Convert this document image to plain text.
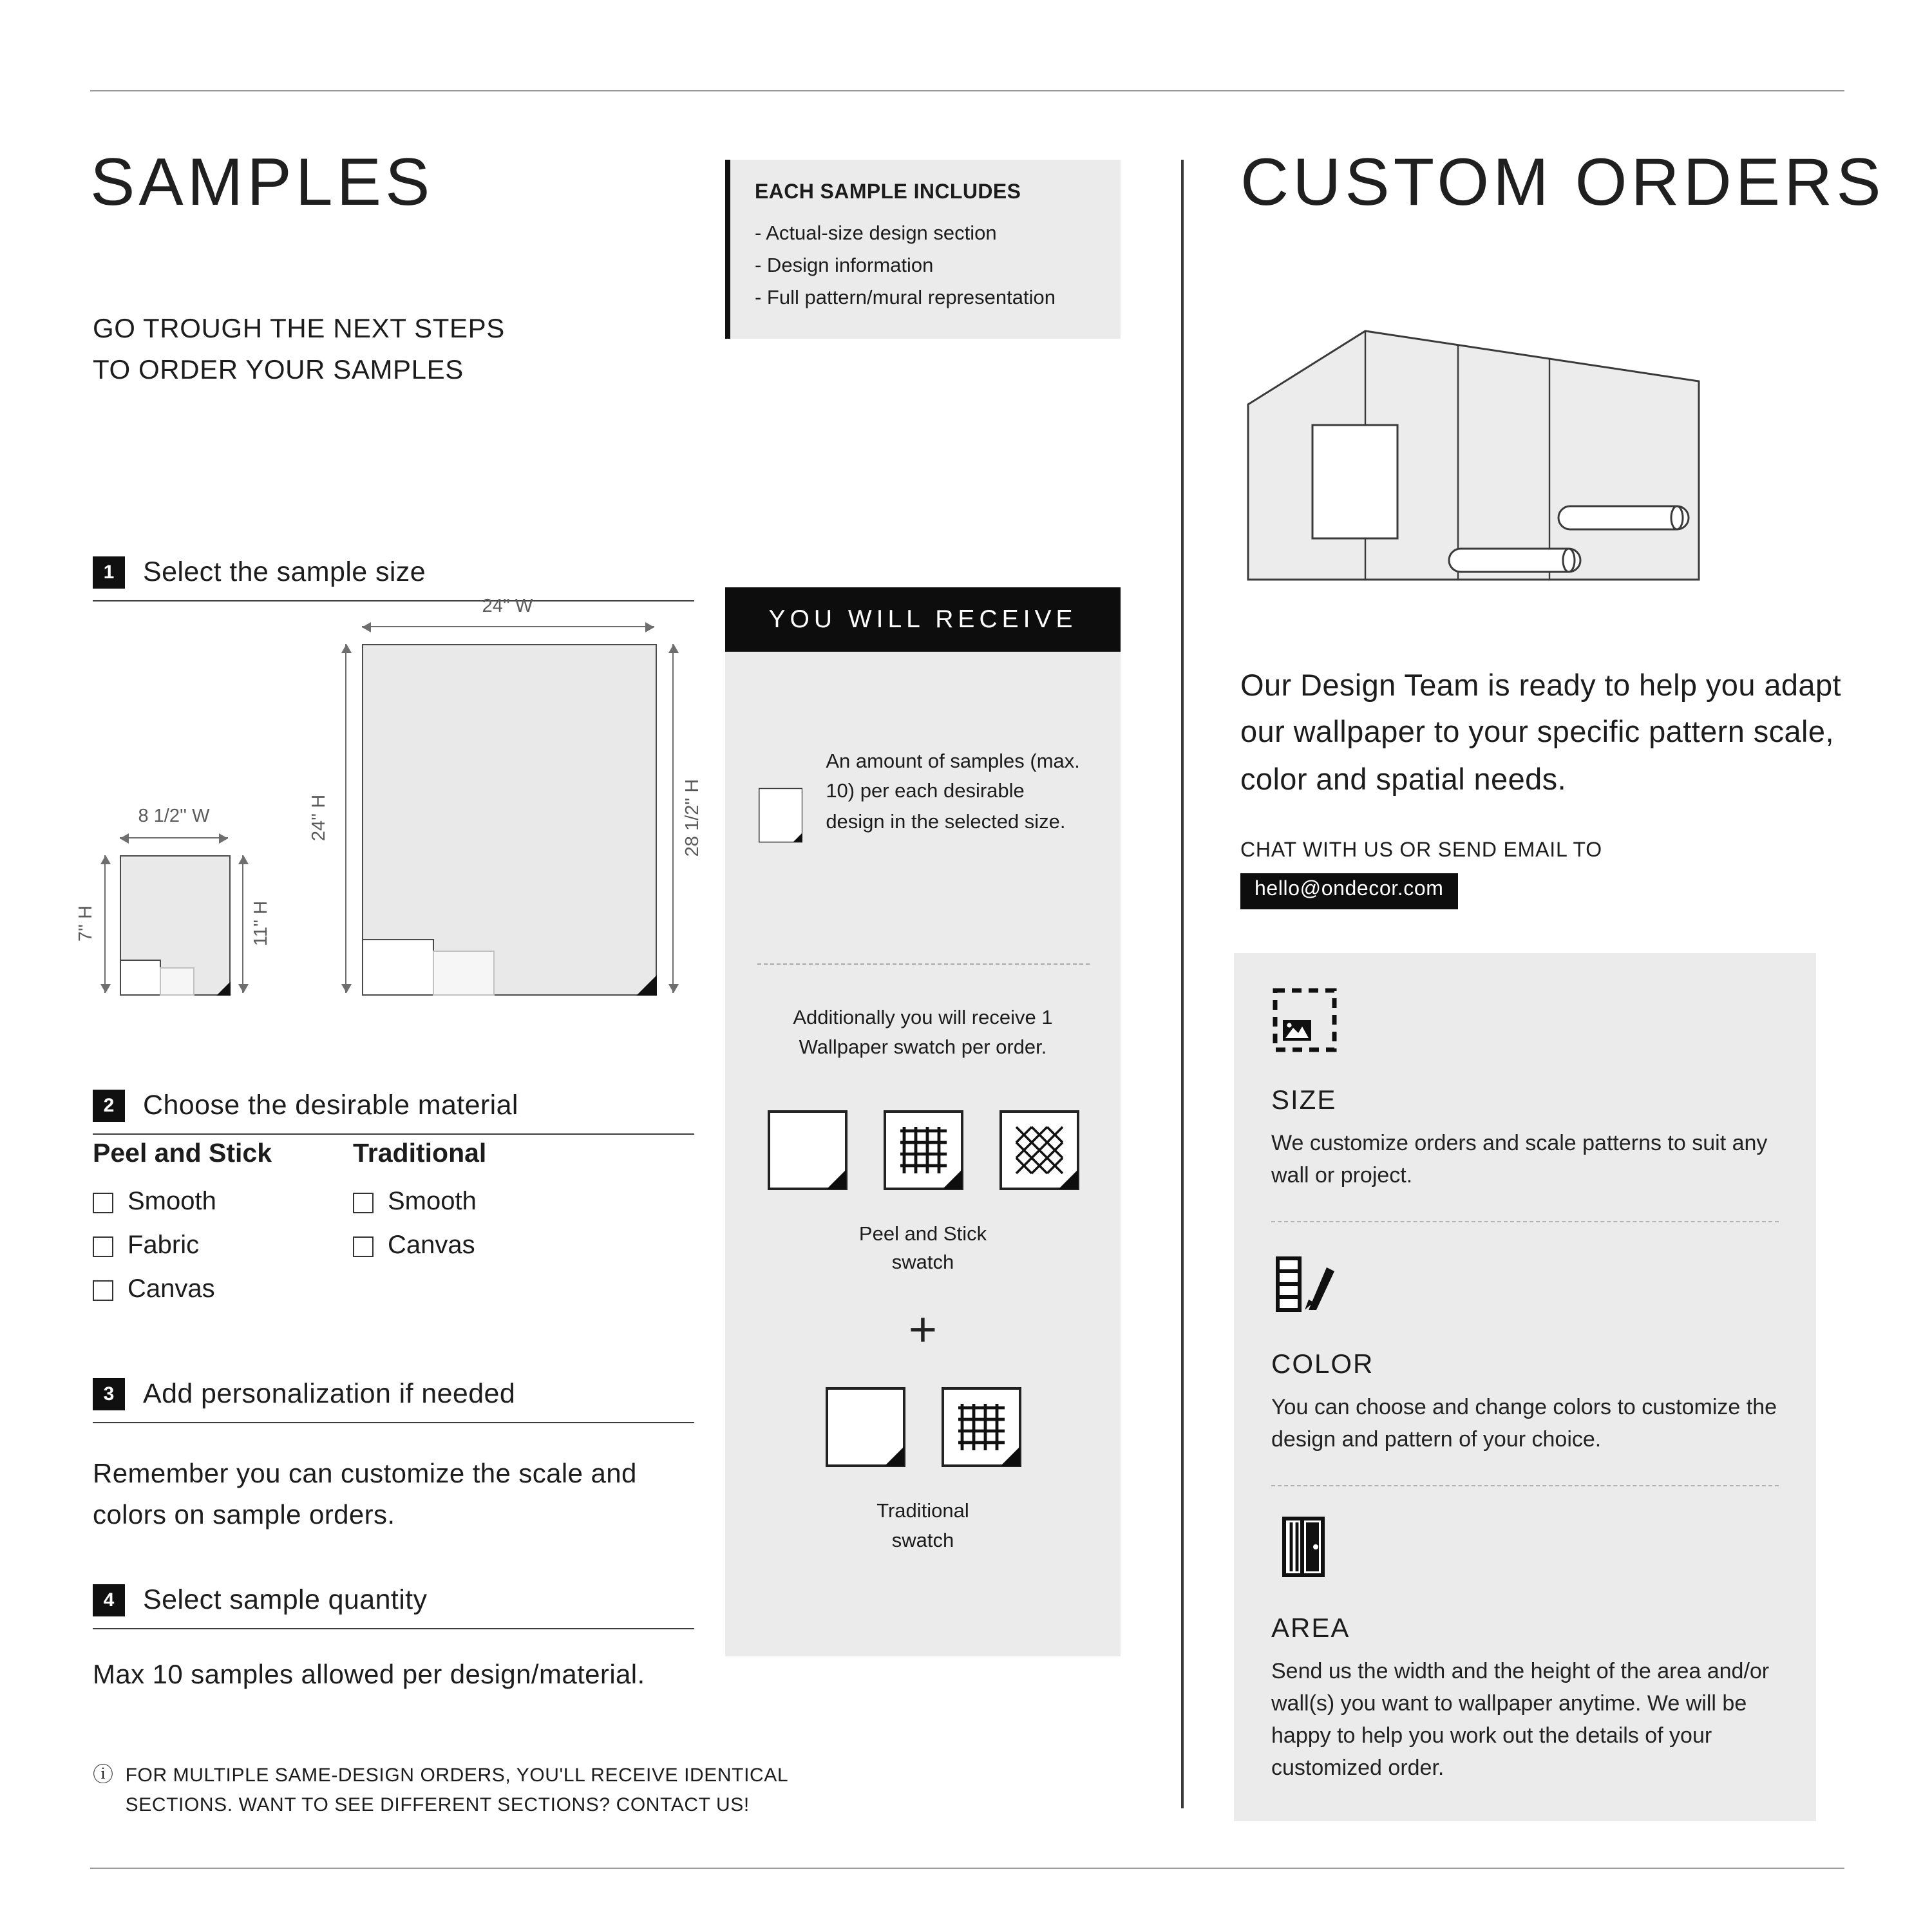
SAMPLES	CUSTOM ORDERS
EACH SAMPLE INCLUDES
- Actual-size design section
- Design information
- Full pattern/mural representation
GO TROUGH THE NEXT STEPS
TO ORDER YOUR SAMPLES
1	Select the sample size
24'' W
24'' H	28 1/2'' H
8 1/2'' W
7'' H	11'' H
2	Choose the desirable material
Peel and Stick
Smooth
Fabric
Canvas
Traditional
Smooth
Canvas
3	Add personalization if needed

Remember you can customize the scale and colors on sample orders.

4	Select sample quantity

Max 10 samples allowed per design/material.

ⓘ FOR MULTIPLE SAME-DESIGN ORDERS, YOU'LL RECEIVE IDENTICAL SECTIONS. WANT TO SEE DIFFERENT SECTIONS? CONTACT US!
YOU WILL RECEIVE

An amount of samples (max. 10) per each desirable design in the selected size.

Additionally you will receive 1 Wallpaper swatch per order.

Peel and Stick
swatch
+
Traditional
swatch

Our Design Team is ready to help you adapt our wallpaper to your specific pattern scale, color and spatial needs.

CHAT WITH US OR SEND EMAIL TO
hello@ondecor.com
SIZE
We customize orders and scale patterns to suit any wall or project.
COLOR
You can choose and change colors to customize the design and pattern of your choice.
AREA
Send us the width and the height of the area and/or wall(s) you want to wallpaper anytime. We will be happy to help you work out the details of your customized order.
